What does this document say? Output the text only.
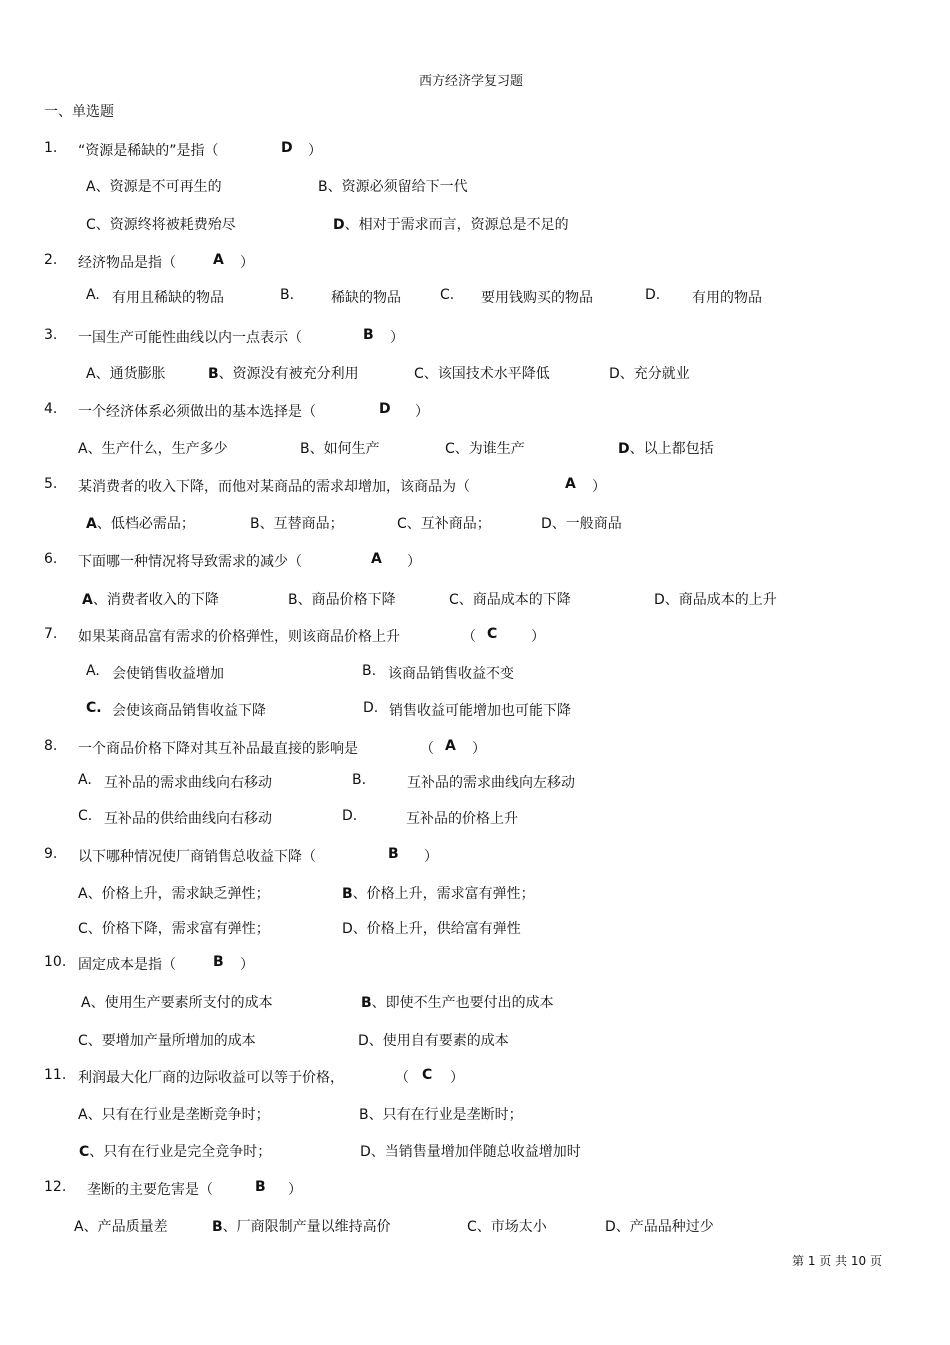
西方经济学复习题
一、单选题
1. “资源是稀缺的”是指（	D ）
A、资源是不可再生的	B、资源必须留给下一代
C、资源终将被耗费殆尽	D、相对于需求而言，资源总是不足的
2. 经济物品是指（	A ）
A. 有用且稀缺的物品	B.	稀缺的物品	C. 要用钱购买的物品	D. 有用的物品
3. 一国生产可能性曲线以内一点表示（	B ）
A、通货膨胀	B、资源没有被充分利用	C、该国技术水平降低	D、充分就业
4. 一个经济体系必须做出的基本选择是（	D ）
A、生产什么，生产多少	B、如何生产	C、为谁生产	D、以上都包括
5. 某消费者的收入下降，而他对某商品的需求却增加，该商品为（	A ）
A、低档必需品；	B、互替商品；	C、互补商品；	D、一般商品
6. 下面哪一种情况将导致需求的减少（	A ）
A、消费者收入的下降	B、商品价格下降	C、商品成本的下降	D、商品成本的上升
7. 如果某商品富有需求的价格弹性，则该商品价格上升	（ C ）
A. 会使销售收益增加	B. 该商品销售收益不变
C. 会使该商品销售收益下降	D. 销售收益可能增加也可能下降
8. 一个商品价格下降对其互补品最直接的影响是	（ A ）
A. 互补品的需求曲线向右移动	B.	互补品的需求曲线向左移动
C. 互补品的供给曲线向右移动	D.	互补品的价格上升
9. 以下哪种情况使厂商销售总收益下降（	B ）
A、价格上升，需求缺乏弹性；	B、价格上升，需求富有弹性；
C、价格下降，需求富有弹性；	D、价格上升，供给富有弹性
10. 固定成本是指（	B ）
A、使用生产要素所支付的成本	B、即使不生产也要付出的成本
C、要增加产量所增加的成本	D、使用自有要素的成本
11. 利润最大化厂商的边际收益可以等于价格，	（ C ）
A、只有在行业是垄断竞争时；	B、只有在行业是垄断时；
C、只有在行业是完全竞争时；	D、当销售量增加伴随总收益增加时
12. 垄断的主要危害是（	B ）
A、产品质量差	B、厂商限制产量以维持高价	C、市场太小	D、产品品种过少
第 1 页 共 10 页
